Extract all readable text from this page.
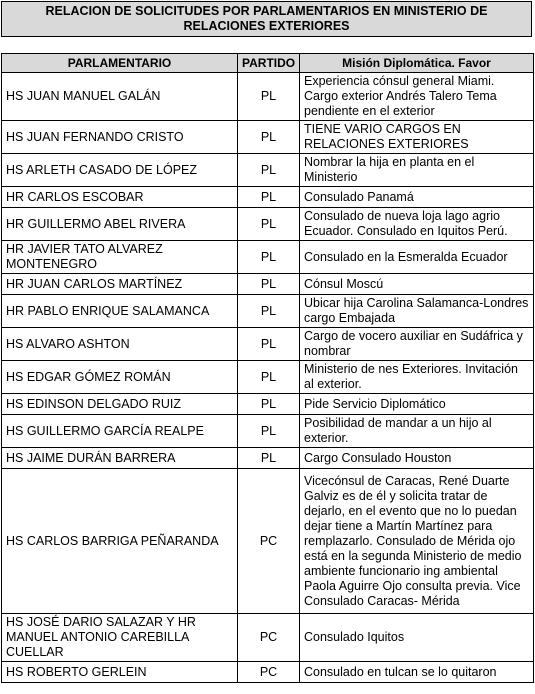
RELACION DE SOLICITUDES POR PARLAMENTARIOS EN MINISTERIO DE RELACIONES EXTERIORES
PARLAMENTARIO	PARTIDO	Misión Diplomática. Favor
HS JUAN MANUEL GALÁN	PL	Experiencia cónsul general Miami. Cargo exterior Andrés Talero Tema pendiente en el exterior
HS JUAN FERNANDO CRISTO	PL	TIENE VARIO CARGOS EN RELACIONES EXTERIORES
HS ARLETH CASADO DE LÓPEZ	PL	Nombrar la hija en planta en el Ministerio
HR CARLOS ESCOBAR	PL	Consulado Panamá
HR GUILLERMO ABEL RIVERA	PL	Consulado de nueva loja lago agrio Ecuador. Consulado en Iquitos Perú.
HR JAVIER TATO ALVAREZ MONTENEGRO	PL	Consulado en la Esmeralda Ecuador
HR JUAN CARLOS MARTÍNEZ	PL	Cónsul Moscú
HR PABLO ENRIQUE SALAMANCA	PL	Ubicar hija Carolina Salamanca-Londres cargo Embajada
HS ALVARO ASHTON	PL	Cargo de vocero auxiliar en Sudáfrica y nombrar
HS EDGAR GÓMEZ ROMÁN	PL	Ministerio de nes Exteriores. Invitación al exterior.
HS EDINSON DELGADO RUIZ	PL	Pide Servicio Diplomático
HS GUILLERMO GARCÍA REALPE	PL	Posibilidad de mandar a un hijo al exterior.
HS JAIME DURÁN BARRERA	PL	Cargo Consulado Houston
HS CARLOS BARRIGA PEÑARANDA	PC	Vicecónsul de Caracas, René Duarte Galviz es de él y solicita tratar de dejarlo, en el evento que no lo puedan dejar tiene a Martín Martínez para remplazarlo. Consulado de Mérida ojo está en la segunda Ministerio de medio ambiente funcionario ing ambiental Paola Aguirre Ojo consulta previa. Vice Consulado Caracas- Mérida
HS JOSÉ DARIO SALAZAR Y HR MANUEL ANTONIO CAREBILLA CUELLAR	PC	Consulado Iquitos
HS ROBERTO GERLEIN	PC	Consulado en tulcan se lo quitaron
